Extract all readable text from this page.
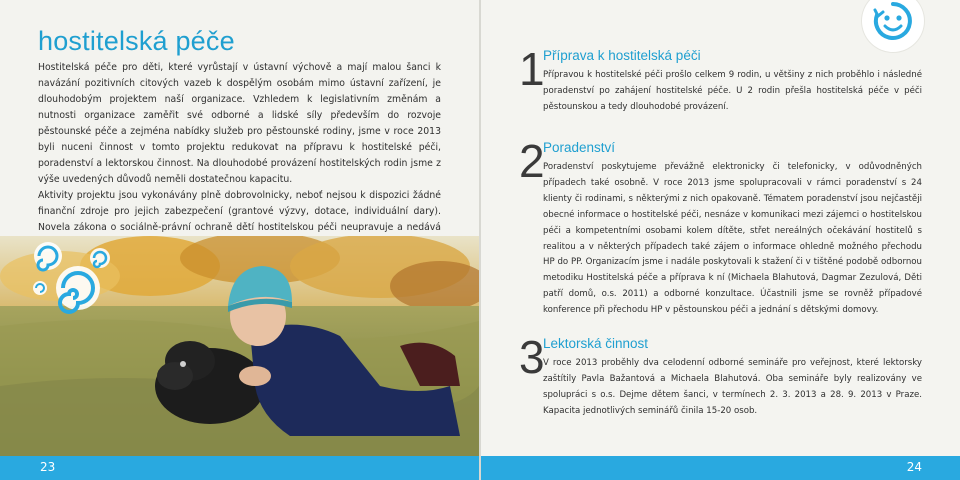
hostitelská péče

Hostitelská péče pro děti, které vyrůstají v ústavní výchově a mají malou šanci k navázání pozitivních citových vazeb k dospělým osobám mimo ústavní zařízení, je dlouhodobým projektem naší organizace. Vzhledem k legislativním změnám a nutnosti organizace zaměřit své odborné a lidské síly především do rozvoje pěstounské péče a zejména nabídky služeb pro pěstounské rodiny, jsme v roce 2013 byli nuceni činnost v tomto projektu redukovat na přípravu k hostitelské péči, poradenství a lektorskou činnost. Na dlouhodobé provázení hostitelských rodin jsme z výše uvedených důvodů neměli dostatečnou kapacitu.

Aktivity projektu jsou vykonávány plně dobrovolnicky, neboť nejsou k dispozici žádné finanční zdroje pro jejich zabezpečení (grantové výzvy, dotace, individuální dary). Novela zákona o sociálně-právní ochraně dětí hostitelskou péči neupravuje a nedává

23
1
Příprava k hostitelská péči

Přípravou k hostitelské péči prošlo celkem 9 rodin, u většiny z nich proběhlo i následné poradenství po zahájení hostitelské péče. U 2 rodin přešla hostitelská péče v péči pěstounskou a tedy dlouhodobé provázení.

2
Poradenství

Poradenství poskytujeme převážně elektronicky či telefonicky, v odůvodněných případech také osobně. V roce 2013 jsme spolupracovali v rámci poradenství s 24 klienty či rodinami, s některými z nich opakovaně. Tématem poradenství jsou nejčastěji obecné informace o hostitelské péči, nesnáze v komunikaci mezi zájemci o hostitelskou péči a kompetentními osobami kolem dítěte, střet nereálných očekávání hostitelů s realitou a v některých případech také zájem o informace ohledně možného přechodu HP do PP. Organizacím jsme i nadále poskytovali k stažení či v tištěné podobě odbornou metodiku Hostitelská péče a příprava k ní (Michaela Blahutová, Dagmar Zezulová, Děti patří domů, o.s. 2011) a odborné konzultace. Účastnili jsme se rovněž případové konference při přechodu HP v pěstounskou péči a jednání s dětskými domovy.

3
Lektorská činnost

V roce 2013 proběhly dva celodenní odborné semináře pro veřejnost, které lektorsky zaštítily Pavla Bažantová a Michaela Blahutová. Oba semináře byly realizovány ve spolupráci s o.s. Dejme dětem šanci, v termínech 2. 3. 2013 a 28. 9. 2013 v Praze. Kapacita jednotlivých seminářů činila 15-20 osob.

24
